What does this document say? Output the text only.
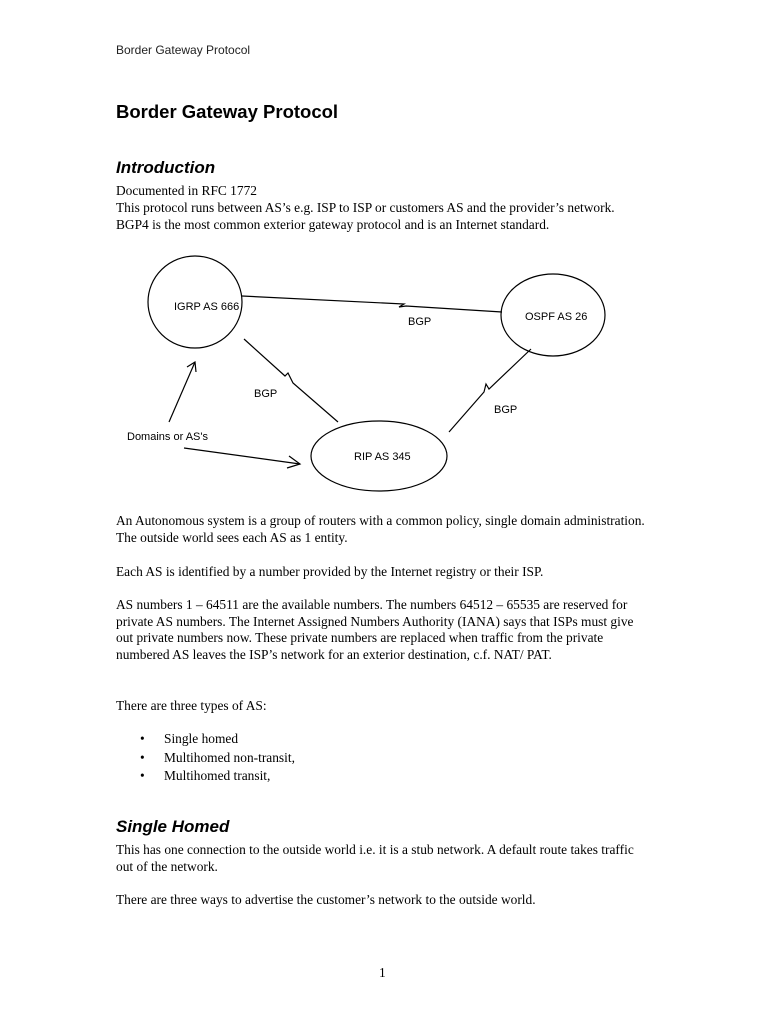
Border Gateway Protocol
Border Gateway Protocol
Introduction

Documented in RFC 1772

This protocol runs between AS’s e.g. ISP to ISP or customers AS and the provider’s network. BGP4 is the most common exterior gateway protocol and is an Internet standard.

BGP
BGP
BGP
IGRP AS 666
OSPF AS 26
RIP AS 345
Domains or AS's

An Autonomous system is a group of routers with a common policy, single domain administration. The outside world sees each AS as 1 entity.

Each AS is identified by a number provided by the Internet registry or their ISP.

AS numbers 1 – 64511 are the available numbers. The numbers 64512 – 65535 are reserved for private AS numbers. The Internet Assigned Numbers Authority (IANA) says that ISPs must give out private numbers now. These private numbers are replaced when traffic from the private numbered AS leaves the ISP’s network for an exterior destination, c.f. NAT/ PAT.

There are three types of AS:

• Single homed
• Multihomed non-transit,
• Multihomed transit,
Single Homed

This has one connection to the outside world i.e. it is a stub network. A default route takes traffic out of the network.

There are three ways to advertise the customer’s network to the outside world.

1
